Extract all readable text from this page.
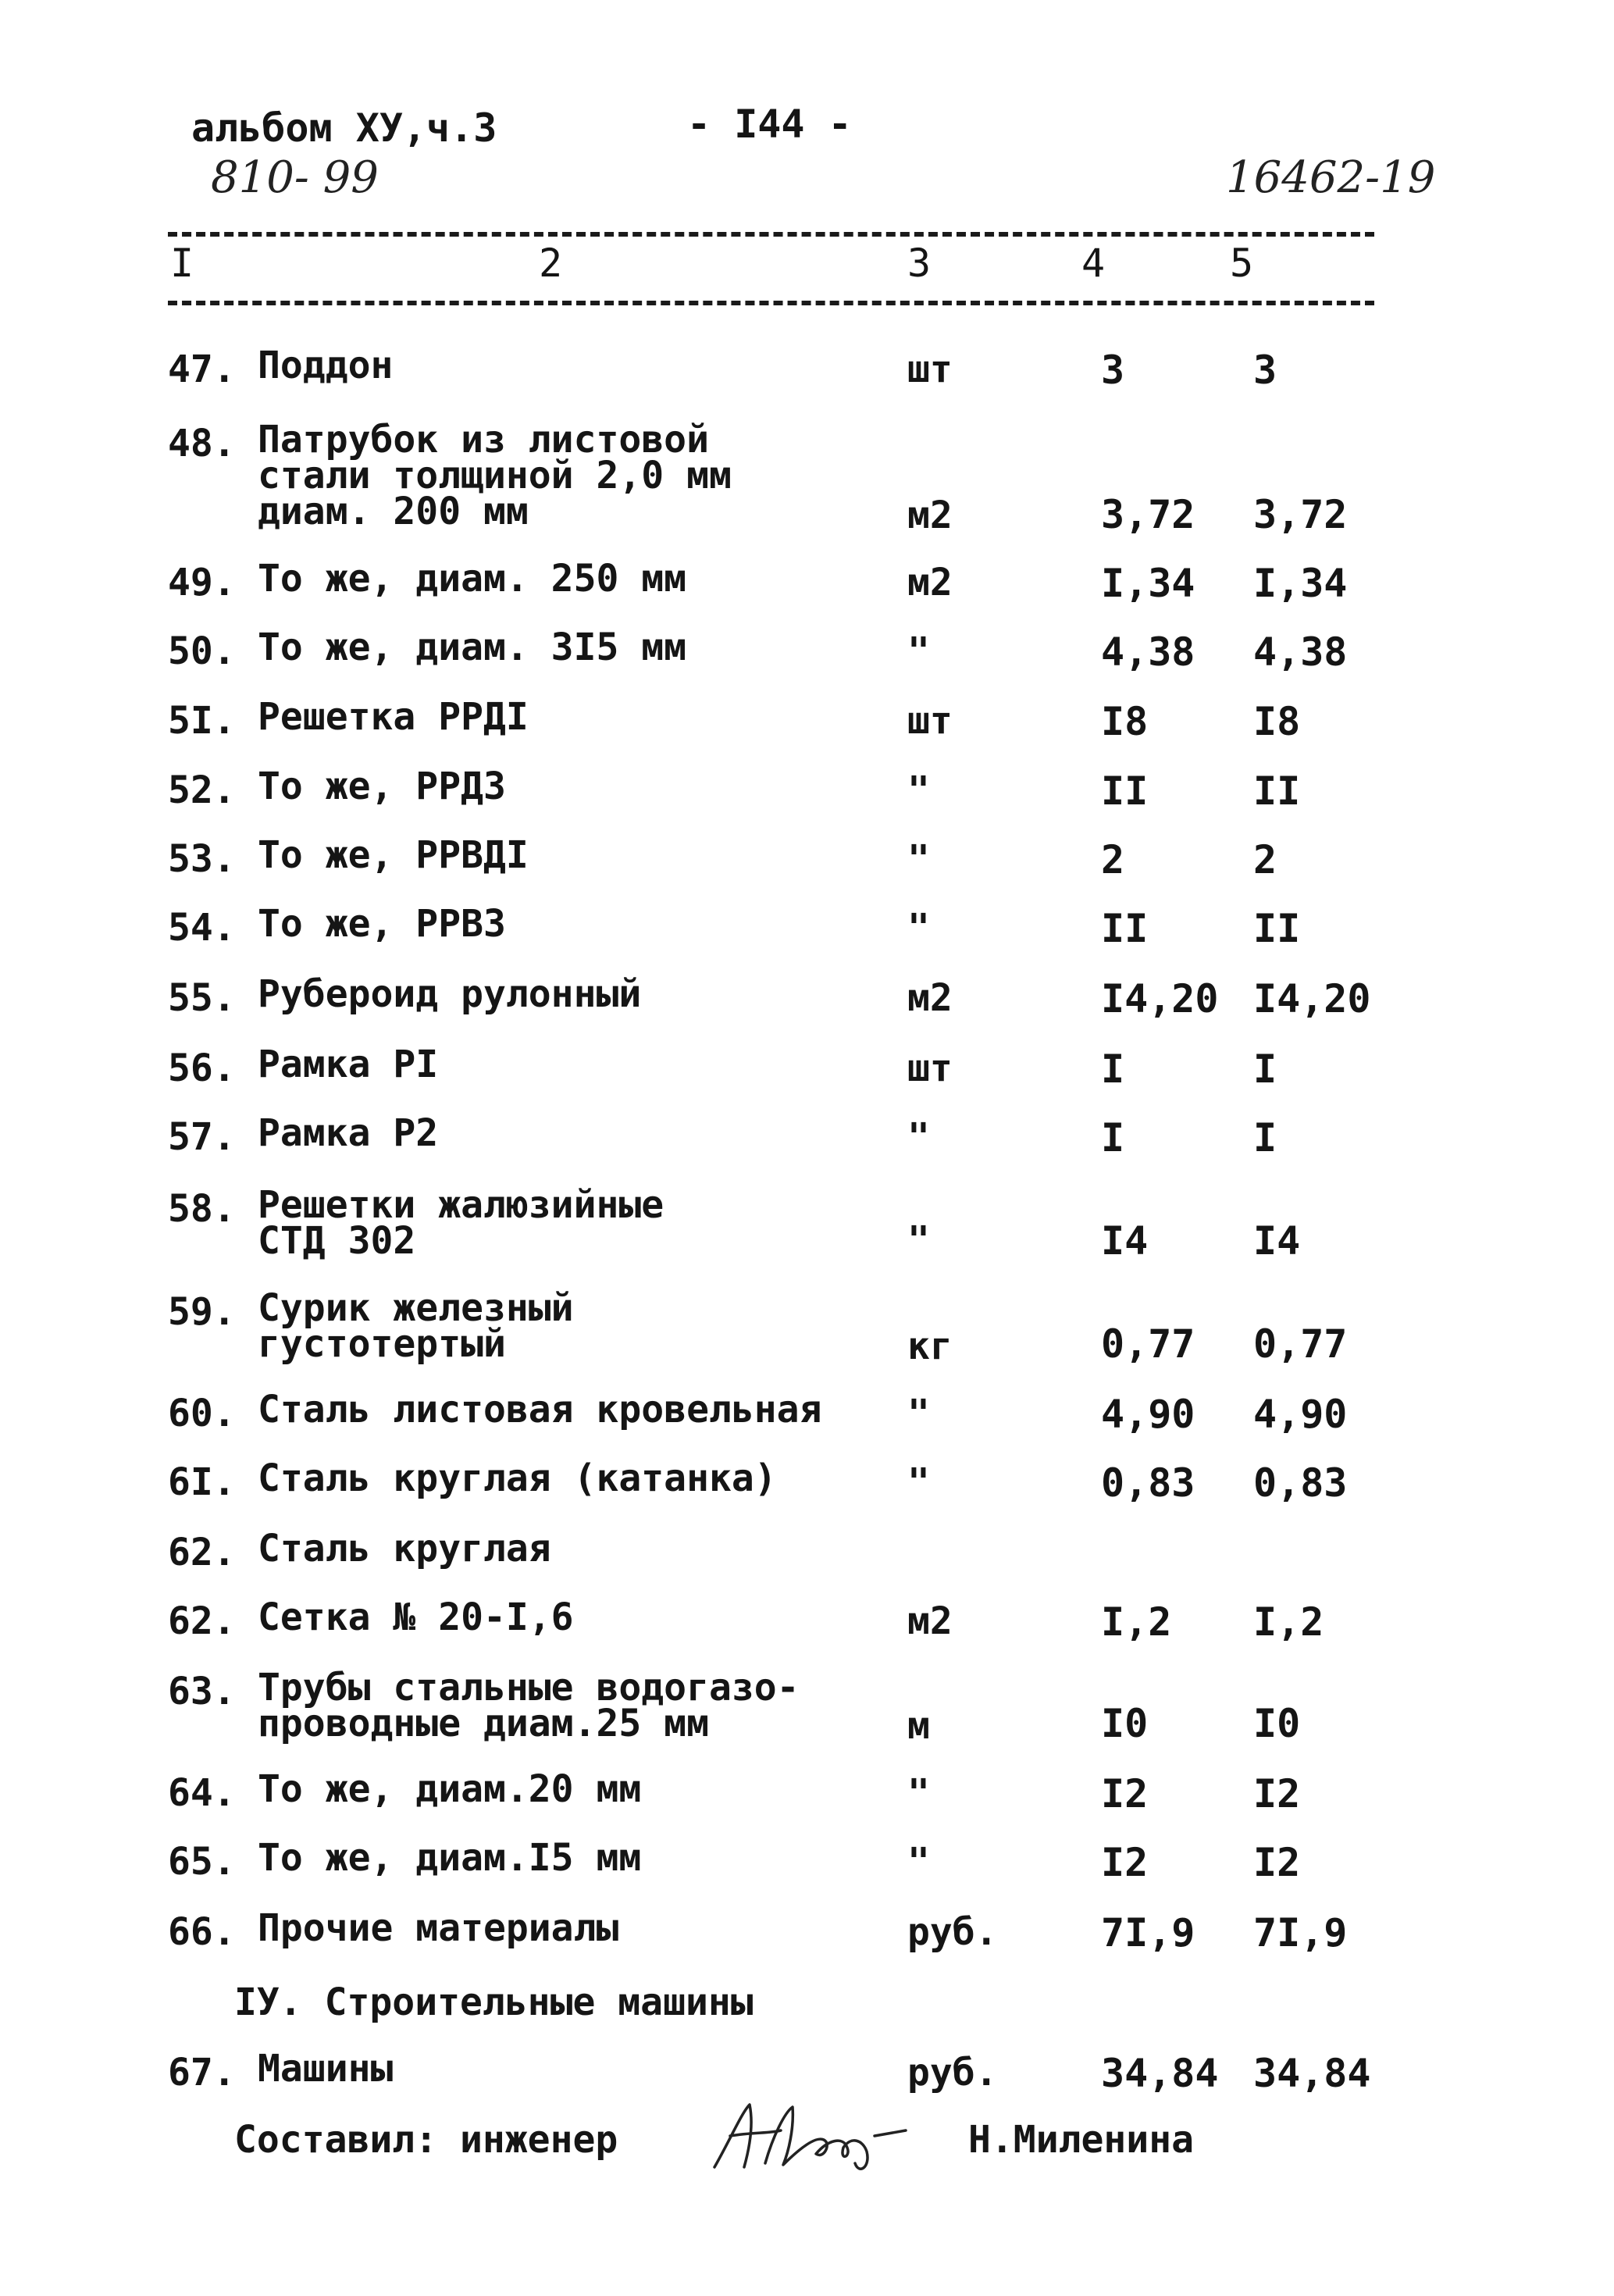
альбом XУ,ч.3	- I44 -
810- 99	16462-19
I	2	3	4	5
47. Поддон	шт	3	3
48. Патрубок из листовой
стали толщиной 2,0 мм
диам. 200 мм	м2	3,72 3,72
49. То же, диам. 250 мм	м2	I,34 I,34
50. То же, диам. 3I5 мм	"	4,38 4,38
5I. Решетка РРДI	шт	I8	I8
52. То же, РРД3	"	II	II
53. То же, РРВДI	"	2	2
54. То же, РРВ3	"	II	II
55. Рубероид рулонный	м2	I4,20 I4,20
56. Рамка РI	шт	I	I
57. Рамка Р2	"	I	I
58. Решетки жалюзийные
СТД 302	"	I4	I4
59. Сурик железный
густотертый	кг	0,77 0,77
60. Сталь листовая кровельная "	4,90 4,90
6I. Сталь круглая (катанка)	"	0,83 0,83
62. Сталь круглая
62. Сетка № 20-I,6	м2	I,2 I,2
63. Трубы стальные водогазо-
проводные диам.25 мм	м	I0	I0
64. То же, диам.20 мм	"	I2	I2
65. То же, диам.I5 мм	"	I2	I2
66. Прочие материалы	руб.	7I,9 7I,9
IУ. Строительные машины
67. Машины	руб.	34,84 34,84
Составил: инженер	Н.Миленина
